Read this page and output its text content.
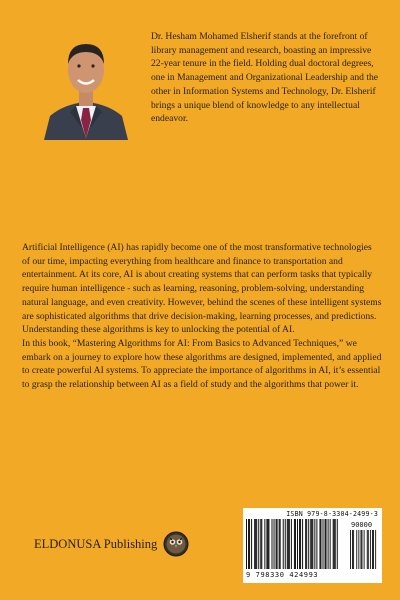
Dr. Hesham Mohamed Elsherif stands at the forefront of library management and research, boasting an impressive 22-year tenure in the field. Holding dual doctoral degrees, one in Management and Organizational Leadership and the other in Information Systems and Technology, Dr. Elsherif brings a unique blend of knowledge to any intellectual endeavor.

Artificial Intelligence (AI) has rapidly become one of the most transformative technologies of our time, impacting everything from healthcare and finance to transportation and entertainment. At its core, AI is about creating systems that can perform tasks that typically require human intelligence - such as learning, reasoning, problem-solving, understanding natural language, and even creativity. However, behind the scenes of these intelligent systems are sophisticated algorithms that drive decision-making, learning processes, and predictions. Understanding these algorithms is key to unlocking the potential of AI.

In this book, “Mastering Algorithms for AI: From Basics to Advanced Techniques,” we embark on a journey to explore how these algorithms are designed, implemented, and applied to create powerful AI systems. To appreciate the importance of algorithms in AI, it’s essential to grasp the relationship between AI as a field of study and the algorithms that power it.

ELDONUSA Publishing
ISBN 979-8-3304-2499-3
90000
9 798330 424993
